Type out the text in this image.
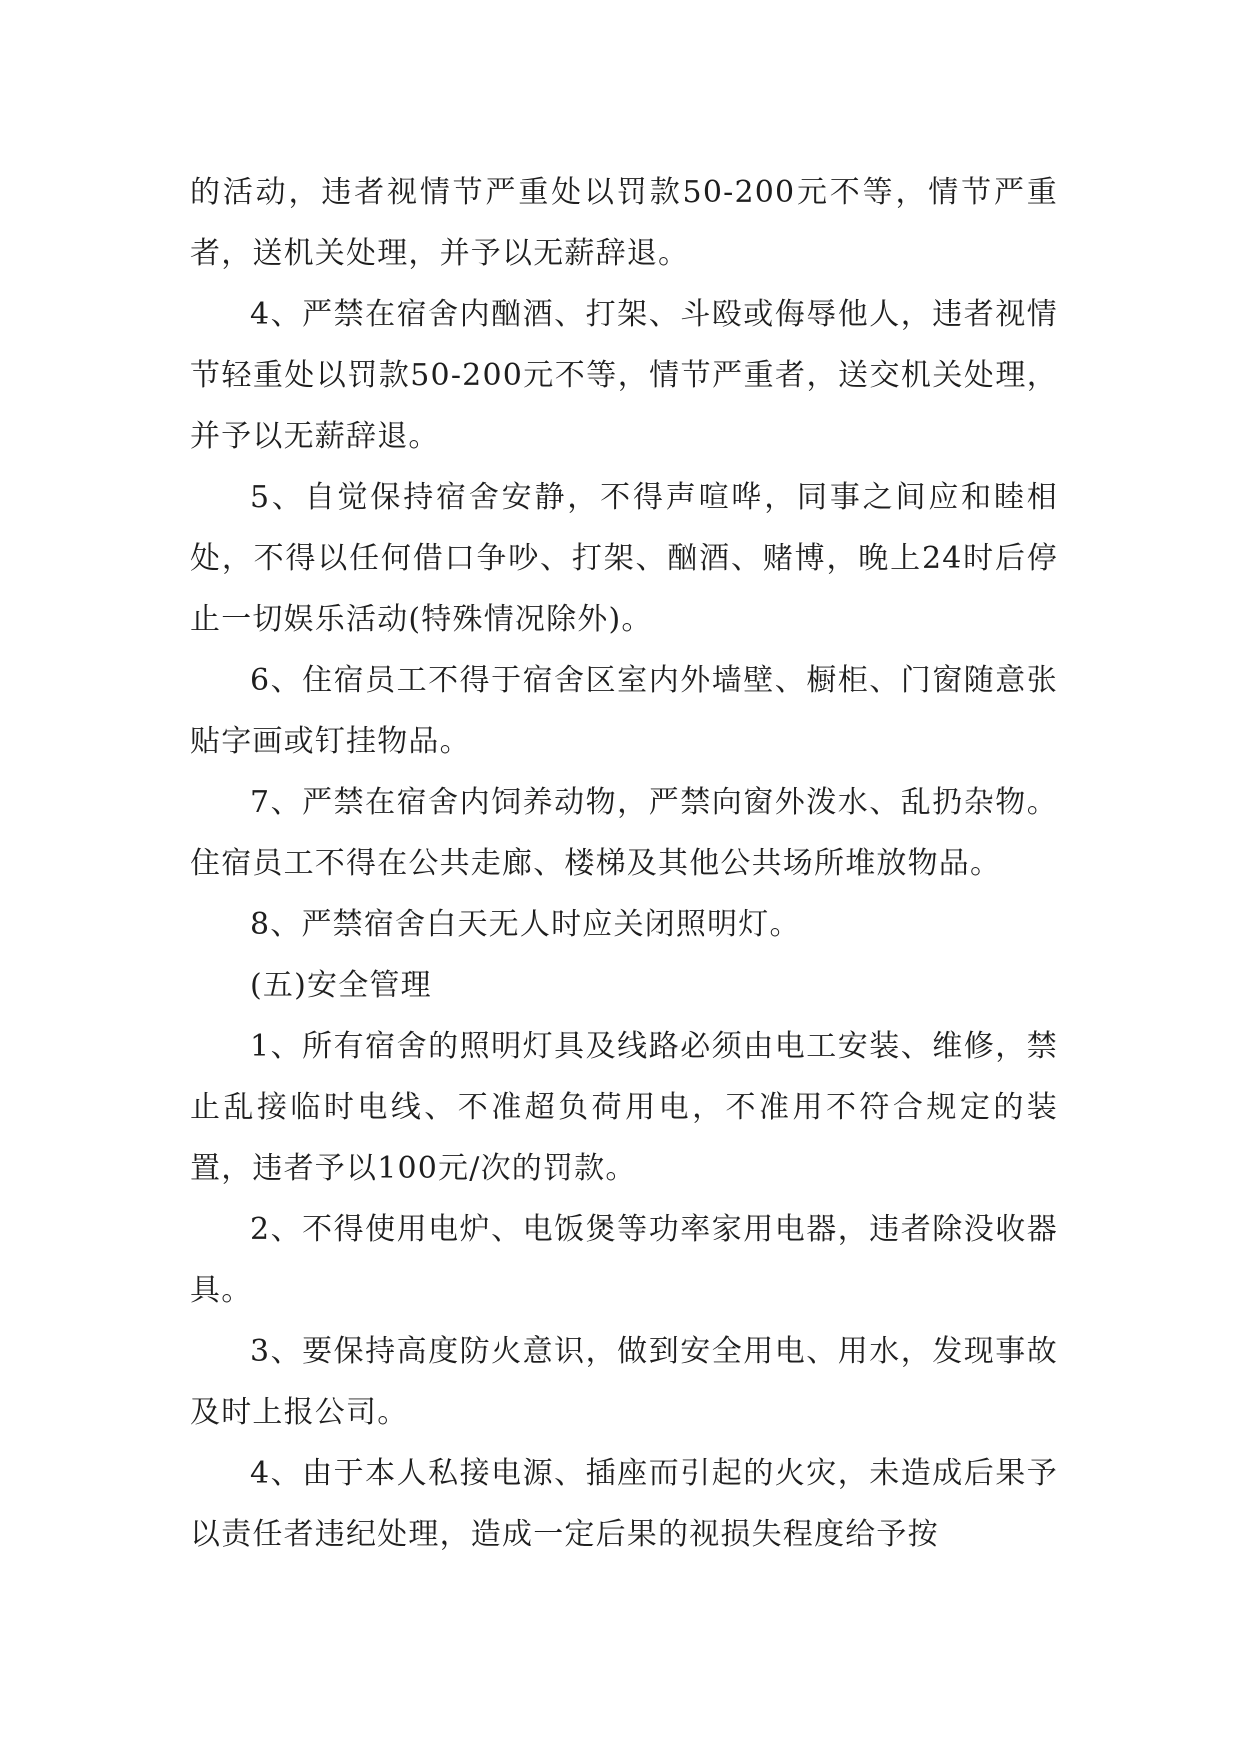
的活动，违者视情节严重处以罚款50-200元不等，情节严重者，送机关处理，并予以无薪辞退。

4、严禁在宿舍内酗酒、打架、斗殴或侮辱他人，违者视情节轻重处以罚款50-200元不等，情节严重者，送交机关处理，并予以无薪辞退。

5、自觉保持宿舍安静，不得声喧哗，同事之间应和睦相处，不得以任何借口争吵、打架、酗酒、赌博，晚上24时后停止一切娱乐活动(特殊情况除外)。

6、住宿员工不得于宿舍区室内外墙壁、橱柜、门窗随意张贴字画或钉挂物品。

7、严禁在宿舍内饲养动物，严禁向窗外泼水、乱扔杂物。住宿员工不得在公共走廊、楼梯及其他公共场所堆放物品。

8、严禁宿舍白天无人时应关闭照明灯。

(五)安全管理

1、所有宿舍的照明灯具及线路必须由电工安装、维修，禁止乱接临时电线、不准超负荷用电，不准用不符合规定的装置，违者予以100元/次的罚款。

2、不得使用电炉、电饭煲等功率家用电器，违者除没收器具。

3、要保持高度防火意识，做到安全用电、用水，发现事故及时上报公司。

4、由于本人私接电源、插座而引起的火灾，未造成后果予以责任者违纪处理，造成一定后果的视损失程度给予按
